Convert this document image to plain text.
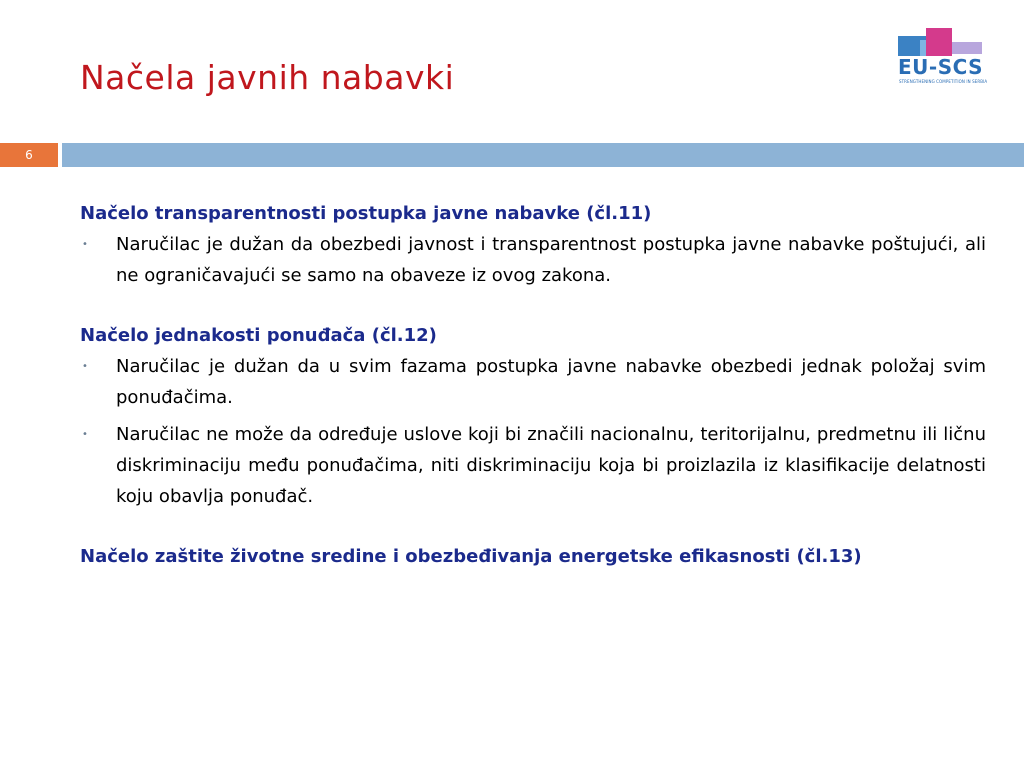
Načela javnih nabavki	EU-SCS
STRENGTHENING COMPETITION IN SERBIA
6

Načelo transparentnosti postupka javne nabavke (čl.11)

• Naručilac je dužan da obezbedi javnost i transparentnost postupka javne nabavke poštujući, ali ne ograničavajući se samo na obaveze iz ovog zakona.

Načelo jednakosti ponuđača (čl.12)

• Naručilac je dužan da u svim fazama postupka javne nabavke obezbedi jednak položaj svim ponuđačima.
• Naručilac ne može da određuje uslove koji bi značili nacionalnu, teritorijalnu, predmetnu ili ličnu diskriminaciju među ponuđačima, niti diskriminaciju koja bi proizlazila iz klasifikacije delatnosti koju obavlja ponuđač.

Načelo zaštite životne sredine i obezbeđivanja energetske efikasnosti (čl.13)
